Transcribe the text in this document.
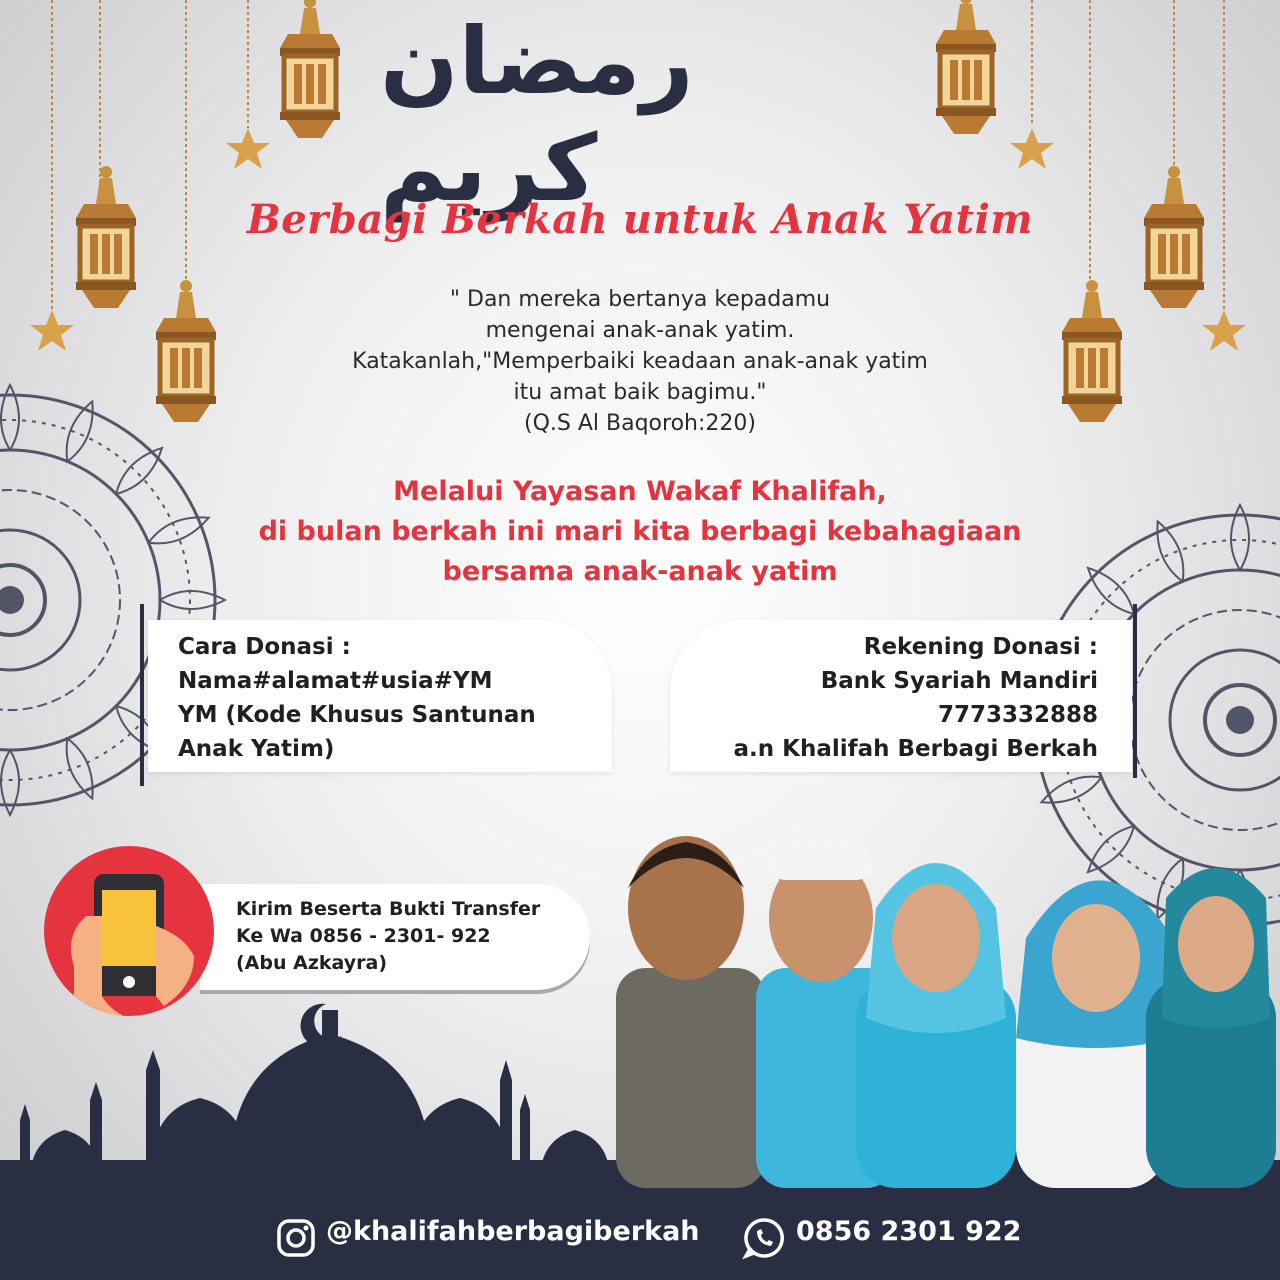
رمضان كريم
Berbagi Berkah untuk Anak Yatim
" Dan mereka bertanya kepadamu
mengenai anak-anak yatim.
Katakanlah,"Memperbaiki keadaan anak-anak yatim
itu amat baik bagimu."
(Q.S Al Baqoroh:220)
Melalui Yayasan Wakaf Khalifah,
di bulan berkah ini mari kita berbagi kebahagiaan
bersama anak-anak yatim
Cara Donasi :
Nama#alamat#usia#YM
YM (Kode Khusus Santunan
Anak Yatim)
Rekening Donasi :
Bank Syariah Mandiri
7773332888
a.n Khalifah Berbagi Berkah
Kirim Beserta Bukti Transfer
Ke Wa 0856 - 2301- 922
(Abu Azkayra)
@khalifahberbagiberkah	0856 2301 922
